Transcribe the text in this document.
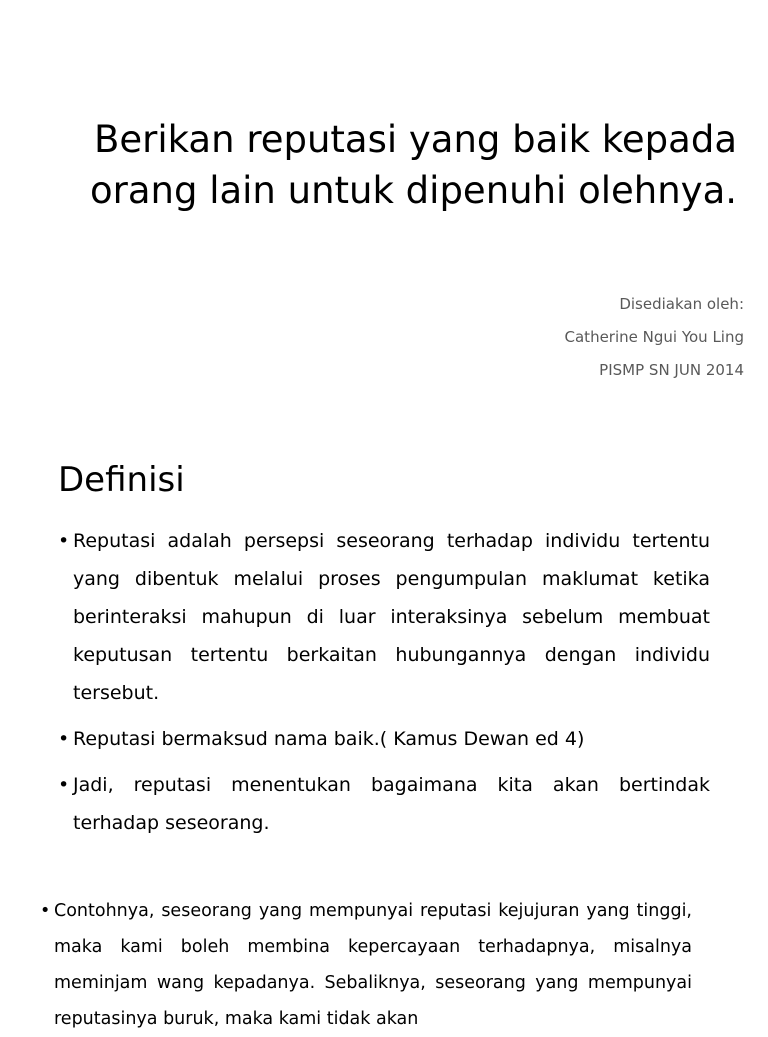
Berikan reputasi yang baik kepada orang lain untuk dipenuhi olehnya.
Disediakan oleh:
Catherine Ngui You Ling
PISMP SN JUN 2014
Definisi
• Reputasi adalah persepsi seseorang terhadap individu tertentu yang dibentuk melalui proses pengumpulan maklumat ketika berinteraksi mahupun di luar interaksinya sebelum membuat keputusan tertentu berkaitan hubungannya dengan individu tersebut.
• Reputasi bermaksud nama baik.( Kamus Dewan ed 4)
• Jadi, reputasi menentukan bagaimana kita akan bertindak terhadap seseorang.
• Contohnya, seseorang yang mempunyai reputasi kejujuran yang tinggi, maka kami boleh membina kepercayaan terhadapnya, misalnya meminjam wang kepadanya. Sebaliknya, seseorang yang mempunyai reputasinya buruk, maka kami tidak akan
